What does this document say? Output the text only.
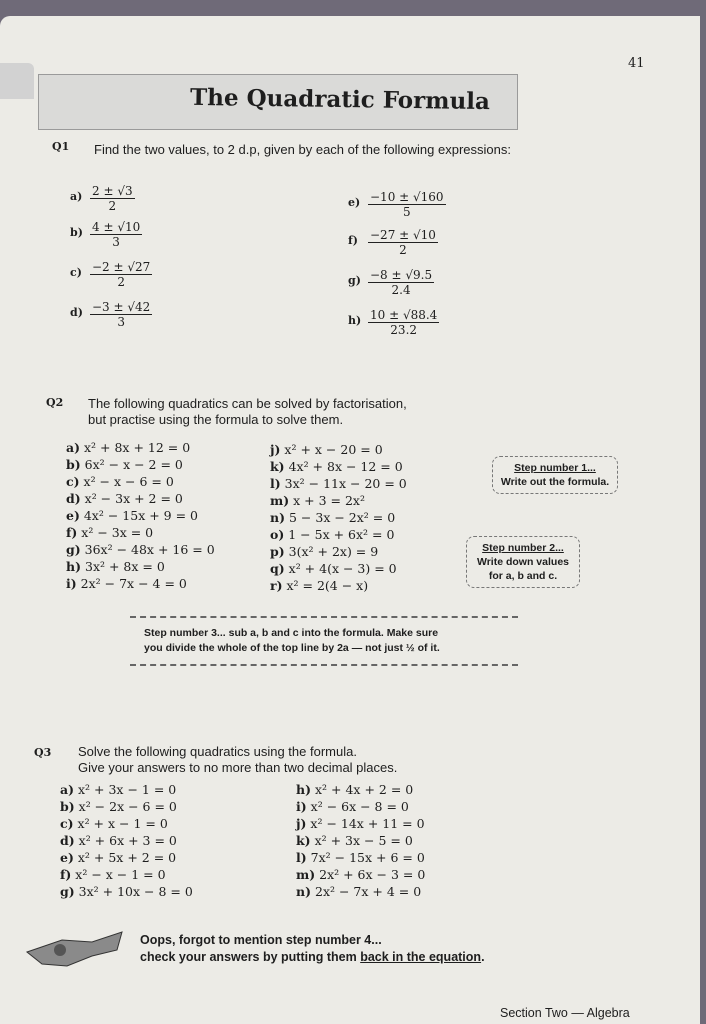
41
The Quadratic Formula
Q1 Find the two values, to 2 d.p, given by each of the following expressions:
$a) \frac{2 \pm √3}{2}$
$b) \frac{4 \pm √10}{3}$
$c) \frac{-2 \pm √27}{2}$
$d) \frac{-3 \pm √42}{3}$
$e) \frac{-10 \pm √160}{5}$
$f) \frac{-27 \pm √10}{2}$
$g) \frac{-8 \pm √9.5}{2.4}$
$h) \frac{10 \pm √88.4}{23.2}$
Q2 The following quadratics can be solved by factorisation,
but practise using the formula to solve them.
a) x² + 8x + 12 = 0
b) 6x² − x − 2 = 0
c) x² − x − 6 = 0
d) x² − 3x + 2 = 0
e) 4x² − 15x + 9 = 0
f) x² − 3x = 0
g) 36x² − 48x + 16 = 0
h) 3x² + 8x = 0
i) 2x² − 7x − 4 = 0
j) x² + x − 20 = 0
k) 4x² + 8x − 12 = 0
l) 3x² − 11x − 20 = 0
m) x + 3 = 2x²
n) 5 − 3x − 2x² = 0
o) 1 − 5x + 6x² = 0
p) 3(x² + 2x) = 9
q) x² + 4(x − 3) = 0
r) x² = 2(4 − x)
Step number 1...
Write out the formula.
Step number 2...
Write down values
for a, b and c.
Step number 3... sub a, b and c into the formula. Make sure
you divide the whole of the top line by 2a — not just ½ of it.
Q3 Solve the following quadratics using the formula.
Give your answers to no more than two decimal places.
a) x² + 3x − 1 = 0
b) x² − 2x − 6 = 0
c) x² + x − 1 = 0
d) x² + 6x + 3 = 0
e) x² + 5x + 2 = 0
f) x² − x − 1 = 0
g) 3x² + 10x − 8 = 0
h) x² + 4x + 2 = 0
i) x² − 6x − 8 = 0
j) x² − 14x + 11 = 0
k) x² + 3x − 5 = 0
l) 7x² − 15x + 6 = 0
m) 2x² + 6x − 3 = 0
n) 2x² − 7x + 4 = 0
Oops, forgot to mention step number 4...
check your answers by putting them back in the equation.
Section Two — Algebra
